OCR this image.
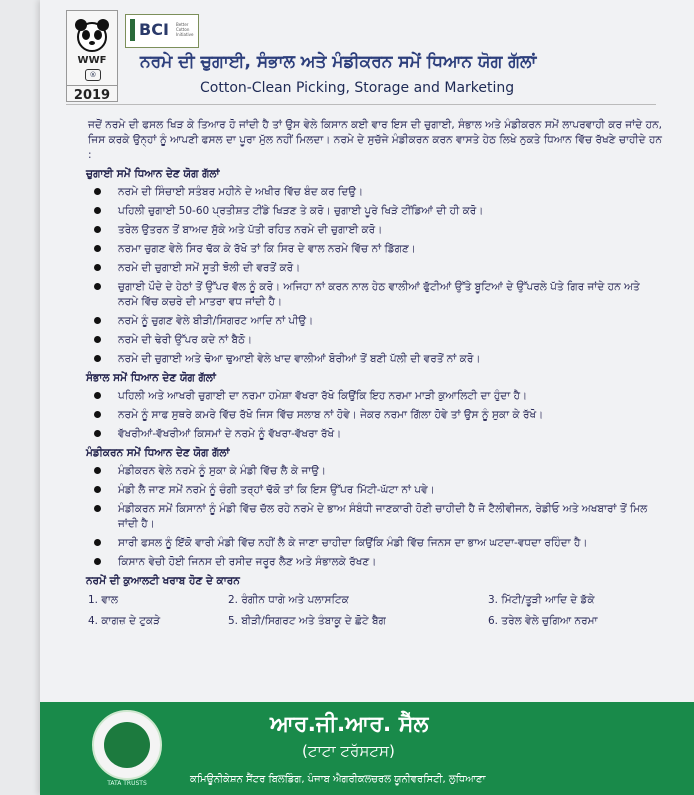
WWF
®
2019
BCI Better Cotton Initiative
ਨਰਮੇ ਦੀ ਚੁਗਾਈ, ਸੰਭਾਲ ਅਤੇ ਮੰਡੀਕਰਨ ਸਮੇਂ ਧਿਆਨ ਯੋਗ ਗੱਲਾਂ
Cotton-Clean Picking, Storage and Marketing

ਜਦੋਂ ਨਰਮੇ ਦੀ ਫਸਲ ਖਿੜ ਕੇ ਤਿਆਰ ਹੋ ਜਾਂਦੀ ਹੈ ਤਾਂ ਉਸ ਵੇਲੇ ਕਿਸਾਨ ਕਈ ਵਾਰ ਇਸ ਦੀ ਚੁਗਾਈ, ਸੰਭਾਲ ਅਤੇ ਮੰਡੀਕਰਨ ਸਮੇਂ ਲਾਪਰਵਾਹੀ ਕਰ ਜਾਂਦੇ ਹਨ, ਜਿਸ ਕਰਕੇ ਉਨ੍ਹਾਂ ਨੂੰ ਆਪਣੀ ਫਸਲ ਦਾ ਪੂਰਾ ਮੁੱਲ ਨਹੀਂ ਮਿਲਦਾ। ਨਰਮੇ ਦੇ ਸੁਚੱਜੇ ਮੰਡੀਕਰਨ ਕਰਨ ਵਾਸਤੇ ਹੇਠ ਲਿਖੇ ਨੁਕਤੇ ਧਿਆਨ ਵਿੱਚ ਰੱਖਣੇ ਚਾਹੀਦੇ ਹਨ :

ਚੁਗਾਈ ਸਮੇਂ ਧਿਆਨ ਦੇਣ ਯੋਗ ਗੱਲਾਂ
ਨਰਮੇ ਦੀ ਸਿੰਚਾਈ ਸਤੰਬਰ ਮਹੀਨੇ ਦੇ ਅਖੀਰ ਵਿੱਚ ਬੰਦ ਕਰ ਦਿਉ।
ਪਹਿਲੀ ਚੁਗਾਈ 50-60 ਪ੍ਰਤੀਸ਼ਤ ਟੀਂਡੇ ਖਿੜਣ ਤੇ ਕਰੋ। ਚੁਗਾਈ ਪੂਰੇ ਖਿੜੇ ਟੀਂਡਿਆਂ ਦੀ ਹੀ ਕਰੋ।
ਤਰੇਲ ਉਤਰਨ ਤੋਂ ਬਾਅਦ ਸੁੱਕੇ ਅਤੇ ਪੱਤੀ ਰਹਿਤ ਨਰਮੇ ਦੀ ਚੁਗਾਈ ਕਰੋ।
ਨਰਮਾ ਚੁਗਣ ਵੇਲੇ ਸਿਰ ਢੱਕ ਕੇ ਰੱਖੋ ਤਾਂ ਕਿ ਸਿਰ ਦੇ ਵਾਲ ਨਰਮੇ ਵਿੱਚ ਨਾਂ ਡਿੱਗਣ।
ਨਰਮੇ ਦੀ ਚੁਗਾਈ ਸਮੇਂ ਸੂਤੀ ਝੋਲੀ ਦੀ ਵਰਤੋਂ ਕਰੋ।
ਚੁਗਾਈ ਪੌਦੇ ਦੇ ਹੇਠਾਂ ਤੋਂ ਉੱਪਰ ਵੱਲ ਨੂੰ ਕਰੋ। ਅਜਿਹਾ ਨਾਂ ਕਰਨ ਨਾਲ ਹੇਠ ਵਾਲੀਆਂ ਫੁੱਟੀਆਂ ਉੱਤੇ ਬੂਟਿਆਂ ਦੇ ਉੱਪਰਲੇ ਪੱਤੇ ਗਿਰ ਜਾਂਦੇ ਹਨ ਅਤੇ ਨਰਮੇ ਵਿੱਚ ਕਚਰੇ ਦੀ ਮਾਤਰਾ ਵਧ ਜਾਂਦੀ ਹੈ।
ਨਰਮੇ ਨੂੰ ਚੁਗਣ ਵੇਲੇ ਬੀੜੀ/ਸਿਗਰਟ ਆਦਿ ਨਾਂ ਪੀਉ।
ਨਰਮੇ ਦੀ ਢੇਰੀ ਉੱਪਰ ਕਦੇ ਨਾਂ ਬੈਠੋ।
ਨਰਮੇ ਦੀ ਚੁਗਾਈ ਅਤੇ ਢੋਆ ਢੁਆਈ ਵੇਲੇ ਖਾਦ ਵਾਲੀਆਂ ਬੋਰੀਆਂ ਤੋਂ ਬਣੀ ਪੱਲੀ ਦੀ ਵਰਤੋਂ ਨਾਂ ਕਰੋ।
ਸੰਭਾਲ ਸਮੇਂ ਧਿਆਨ ਦੇਣ ਯੋਗ ਗੱਲਾਂ
ਪਹਿਲੀ ਅਤੇ ਆਖਰੀ ਚੁਗਾਈ ਦਾ ਨਰਮਾ ਹਮੇਸ਼ਾ ਵੱਖਰਾ ਰੱਖੋ ਕਿਉਂਕਿ ਇਹ ਨਰਮਾ ਮਾੜੀ ਕੁਆਲਿਟੀ ਦਾ ਹੁੰਦਾ ਹੈ।
ਨਰਮੇ ਨੂੰ ਸਾਫ ਸੁਥਰੇ ਕਮਰੇ ਵਿੱਚ ਰੱਖੋ ਜਿਸ ਵਿੱਚ ਸਲਾਬ ਨਾਂ ਹੋਵੇ। ਜੇਕਰ ਨਰਮਾ ਗਿੱਲਾ ਹੋਵੇ ਤਾਂ ਉਸ ਨੂੰ ਸੁਕਾ ਕੇ ਰੱਖੋ।
ਵੱਖਰੀਆਂ-ਵੱਖਰੀਆਂ ਕਿਸਮਾਂ ਦੇ ਨਰਮੇ ਨੂੰ ਵੱਖਰਾ-ਵੱਖਰਾ ਰੱਖੋ।
ਮੰਡੀਕਰਨ ਸਮੇਂ ਧਿਆਨ ਦੇਣ ਯੋਗ ਗੱਲਾਂ
ਮੰਡੀਕਰਨ ਵੇਲੇ ਨਰਮੇ ਨੂੰ ਸੁਕਾ ਕੇ ਮੰਡੀ ਵਿੱਚ ਲੈ ਕੇ ਜਾਉ।
ਮੰਡੀ ਲੈ ਜਾਣ ਸਮੇਂ ਨਰਮੇ ਨੂੰ ਚੰਗੀ ਤਰ੍ਹਾਂ ਢੱਕੋ ਤਾਂ ਕਿ ਇਸ ਉੱਪਰ ਮਿੱਟੀ-ਘੱਟਾ ਨਾਂ ਪਵੇ।
ਮੰਡੀਕਰਨ ਸਮੇਂ ਕਿਸਾਨਾਂ ਨੂੰ ਮੰਡੀ ਵਿੱਚ ਚੱਲ ਰਹੇ ਨਰਮੇ ਦੇ ਭਾਅ ਸੰਬੰਧੀ ਜਾਣਕਾਰੀ ਹੋਣੀ ਚਾਹੀਦੀ ਹੈ ਜੋ ਟੈਲੀਵੀਜਨ, ਰੇਡੀਓ ਅਤੇ ਅਖਬਾਰਾਂ ਤੋਂ ਮਿਲ ਜਾਂਦੀ ਹੈ।
ਸਾਰੀ ਫਸਲ ਨੂੰ ਇੱਕੋ ਵਾਰੀ ਮੰਡੀ ਵਿੱਚ ਨਹੀਂ ਲੈ ਕੇ ਜਾਣਾ ਚਾਹੀਦਾ ਕਿਉਂਕਿ ਮੰਡੀ ਵਿੱਚ ਜਿਨਸ ਦਾ ਭਾਅ ਘਟਦਾ-ਵਧਦਾ ਰਹਿੰਦਾ ਹੈ।
ਕਿਸਾਨ ਵੇਚੀ ਹੋਈ ਜਿਨਸ ਦੀ ਰਸੀਦ ਜਰੂਰ ਲੈਣ ਅਤੇ ਸੰਭਾਲਕੇ ਰੱਖਣ।
ਨਰਮੇਂ ਦੀ ਕੁਆਲਟੀ ਖਰਾਬ ਹੋਣ ਦੇ ਕਾਰਨ
1. ਵਾਲ	2. ਰੰਗੀਨ ਧਾਗੇ ਅਤੇ ਪਲਾਸਟਿਕ	3. ਮਿੱਟੀ/ਤੂੜੀ ਆਦਿ ਦੇ ਡੱਕੇ
4. ਕਾਗਜ਼ ਦੇ ਟੁਕੜੇ	5. ਬੀੜੀ/ਸਿਗਰਟ ਅਤੇ ਤੰਬਾਕੂ ਦੇ ਛੋਟੇ ਬੈਗ	6. ਤਰੇਲ ਵੇਲੇ ਚੁਗਿਆ ਨਰਮਾ
TATA TRUSTS
ਆਰ.ਜੀ.ਆਰ. ਸੈੱਲ
(ਟਾਟਾ ਟਰੱਸਟਸ)
ਕਮਿਊਨੀਕੇਸ਼ਨ ਸੈਂਟਰ ਬਿਲਡਿੰਗ, ਪੰਜਾਬ ਐਗਰੀਕਲਚਰਲ ਯੂਨੀਵਰਸਿਟੀ, ਲੁਧਿਆਣਾ
